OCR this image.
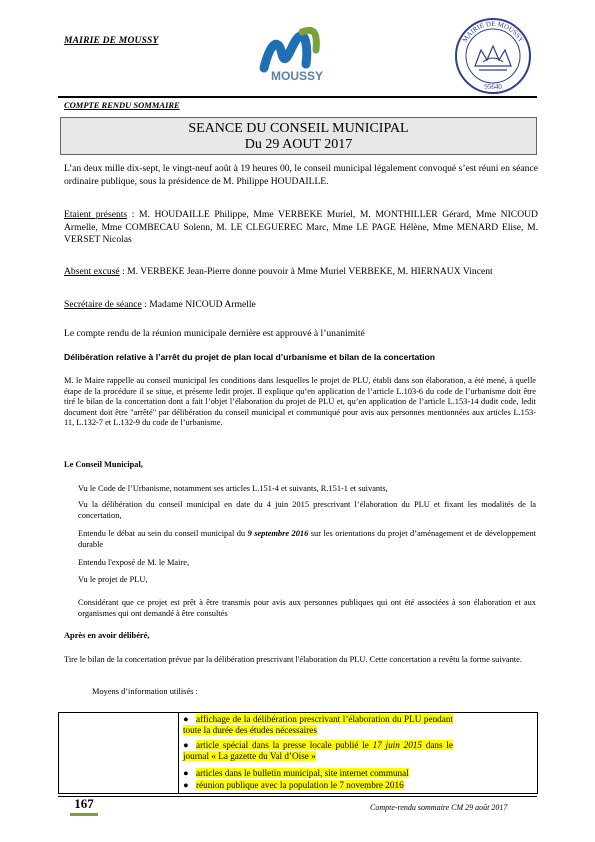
MAIRIE DE MOUSSY
MOUSSY
MAIRIE DE MOUSSY
95640
COMPTE RENDU SOMMAIRE
SEANCE DU CONSEIL MUNICIPAL
Du 29 AOUT 2017
L’an deux mille dix-sept, le vingt-neuf août à 19 heures 00, le conseil municipal légalement convoqué s’est réuni en séance ordinaire publique, sous la présidence de M. Philippe HOUDAILLE.
Etaient présents : M. HOUDAILLE Philippe, Mme VERBEKE Muriel, M. MONTHILLER Gérard, Mme NICOUD Armelle, Mme COMBECAU Solenn, M. LE CLEGUEREC Marc, Mme LE PAGE Hélène, Mme MENARD Elise, M. VERSET Nicolas
Absent excusé : M. VERBEKE Jean-Pierre donne pouvoir à Mme Muriel VERBEKE, M. HIERNAUX Vincent
Secrétaire de séance : Madame NICOUD Armelle
Le compte rendu de la réunion municipale dernière est approuvé à l’unanimité
Délibération relative à l’arrêt du projet de plan local d’urbanisme et bilan de la concertation
M. le Maire rappelle au conseil municipal les conditions dans lesquelles le projet de PLU, établi dans son élaboration, a été mené, à quelle étape de la procédure il se situe, et présente ledit projet. Il explique qu’en application de l’article L.103-6 du code de l’urbanisme doit être tiré le bilan de la concertation dont a fait l’objet l’élaboration du projet de PLU et, qu’en application de l’article L.153-14 dudit code, ledit document doit être "arrêté" par délibération du conseil municipal et communiqué pour avis aux personnes mentionnées aux articles L.153-11, L.132-7 et L.132-9 du code de l’urbanisme.
Le Conseil Municipal,
Vu le Code de l’Urbanisme, notamment ses articles L.151-4 et suivants, R.151-1 et suivants,
Vu la délibération du conseil municipal en date du 4 juin 2015 prescrivant l’élaboration du PLU et fixant les modalités de la concertation,
Entendu le débat au sein du conseil municipal du 9 septembre 2016 sur les orientations du projet d’aménagement et de développement durable
Entendu l'exposé de M. le Maire,
Vu le projet de PLU,
Considérant que ce projet est prêt à être transmis pour avis aux personnes publiques qui ont été associées à son élaboration et aux organismes qui ont demandé à être consultés
Après en avoir délibéré,
Tire le bilan de la concertation prévue par la délibération prescrivant l'élaboration du PLU. Cette concertation a revêtu la forme suivante.
Moyens d’information utilisés :
● affichage de la délibération prescrivant l’élaboration du PLU pendant toute la durée des études nécessaires
● article spécial dans la presse locale publié le 17 juin 2015 dans le journal « La gazette du Val d’Oise »
● articles dans le bulletin municipal, site internet communal
● réunion publique avec la population le 7 novembre 2016
167	Compte-rendu sommaire CM 29 août 2017
